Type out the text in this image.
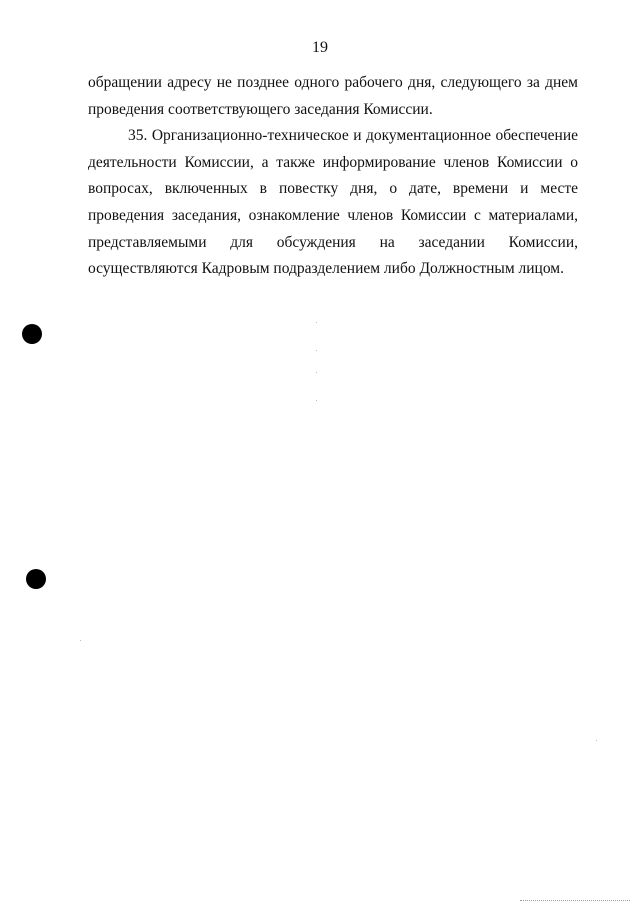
19

обращении адресу не позднее одного рабочего дня, следующего за днем проведения соответствующего заседания Комиссии.

35. Организационно-техническое и документационное обеспечение деятельности Комиссии, а также информирование членов Комиссии о вопросах, включенных в повестку дня, о дате, времени и месте проведения заседания, ознакомление членов Комиссии с материалами, представляемыми для обсуждения на заседании Комиссии, осуществляются Кадровым подразделением либо Должностным лицом.
